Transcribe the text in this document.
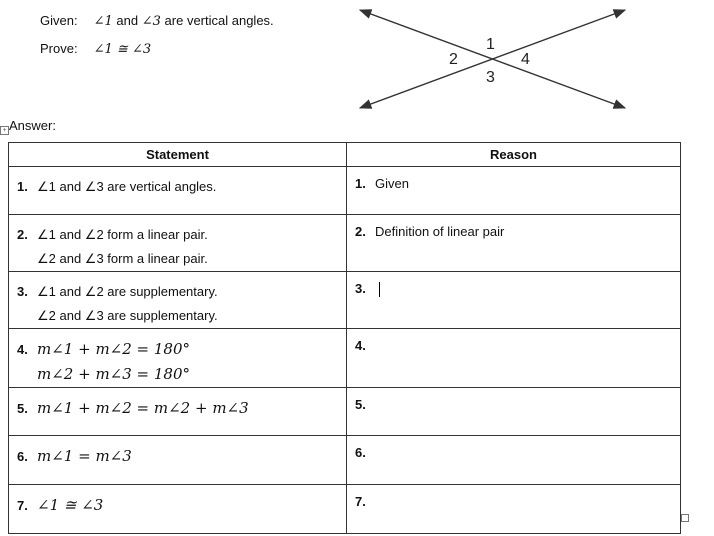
Given: ∠1 and ∠3 are vertical angles.
Prove: ∠1 ≅ ∠3	1
2
3
4
+ Answer:
Statement	Reason

1. ∠1 and ∠3 are vertical angles.	1. Given

2. ∠1 and ∠2 form a linear pair.
∠2 and ∠3 form a linear pair.	2. Definition of linear pair

3. ∠1 and ∠2 are supplementary.
∠2 and ∠3 are supplementary.	3.

4. m∠1 + m∠2 = 180°
m∠2 + m∠3 = 180°	4.

5. m∠1 + m∠2 = m∠2 + m∠3	5.

6. m∠1 = m∠3	6.

7. ∠1 ≅ ∠3	7.
